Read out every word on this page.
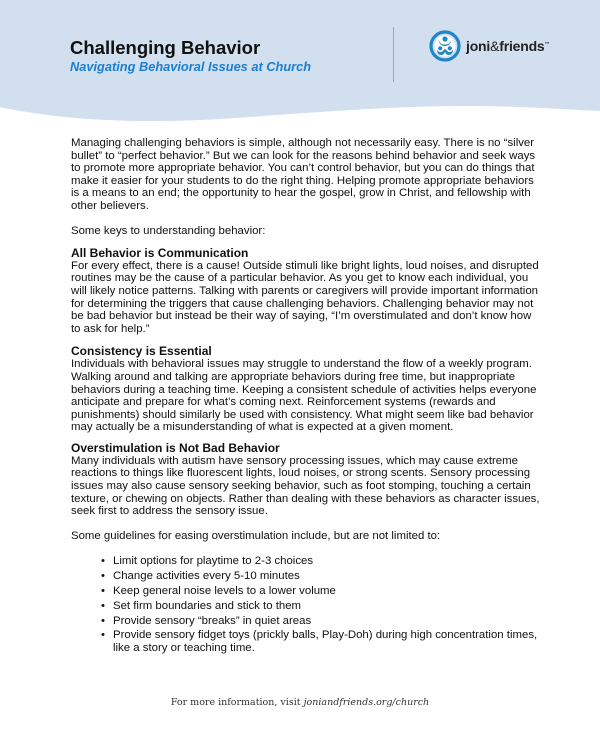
Challenging Behavior
Navigating Behavioral Issues at Church
joni&friends™

Managing challenging behaviors is simple, although not necessarily easy. There is no “silver bullet” to “perfect behavior.” But we can look for the reasons behind behavior and seek ways to promote more appropriate behavior. You can’t control behavior, but you can do things that make it easier for your students to do the right thing. Helping promote appropriate behaviors is a means to an end; the opportunity to hear the gospel, grow in Christ, and fellowship with other believers.

Some keys to understanding behavior:

All Behavior is Communication

For every effect, there is a cause! Outside stimuli like bright lights, loud noises, and disrupted routines may be the cause of a particular behavior. As you get to know each individual, you will likely notice patterns. Talking with parents or caregivers will provide important information for determining the triggers that cause challenging behaviors. Challenging behavior may not be bad behavior but instead be their way of saying, “I’m overstimulated and don’t know how to ask for help.”

Consistency is Essential

Individuals with behavioral issues may struggle to understand the flow of a weekly program. Walking around and talking are appropriate behaviors during free time, but inappropriate behaviors during a teaching time. Keeping a consistent schedule of activities helps everyone anticipate and prepare for what’s coming next. Reinforcement systems (rewards and punishments) should similarly be used with consistency. What might seem like bad behavior may actually be a misunderstanding of what is expected at a given moment.

Overstimulation is Not Bad Behavior

Many individuals with autism have sensory processing issues, which may cause extreme reactions to things like fluorescent lights, loud noises, or strong scents. Sensory processing issues may also cause sensory seeking behavior, such as foot stomping, touching a certain texture, or chewing on objects. Rather than dealing with these behaviors as character issues, seek first to address the sensory issue.

Some guidelines for easing overstimulation include, but are not limited to:

• Limit options for playtime to 2-3 choices
• Change activities every 5-10 minutes
• Keep general noise levels to a lower volume
• Set firm boundaries and stick to them
• Provide sensory “breaks” in quiet areas
• Provide sensory fidget toys (prickly balls, Play-Doh) during high concentration times, like a story or teaching time.
For more information, visit joniandfriends.org/church
